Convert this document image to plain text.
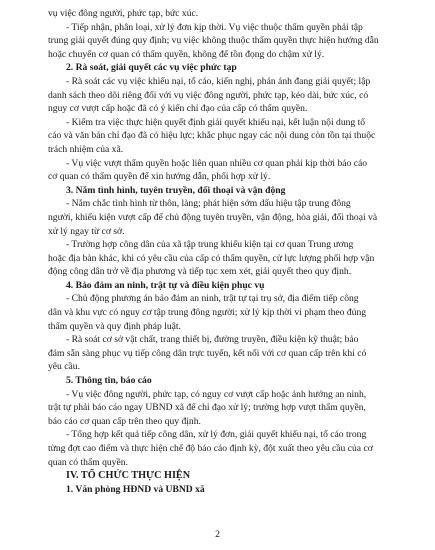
vụ việc đông người, phức tạp, bức xúc.
- Tiếp nhận, phân loại, xử lý đơn kịp thời. Vụ việc thuộc thẩm quyền phải tập
trung giải quyết đúng quy định; vụ việc không thuộc thẩm quyền thực hiện hướng dẫn
hoặc chuyển cơ quan có thẩm quyền, không để tồn đọng do chậm xử lý.
2. Rà soát, giải quyết các vụ việc phức tạp
- Rà soát các vụ việc khiếu nại, tố cáo, kiến nghị, phản ánh đang giải quyết; lập
danh sách theo dõi riêng đối với vụ việc đông người, phức tạp, kéo dài, bức xúc, có
nguy cơ vượt cấp hoặc đã có ý kiến chỉ đạo của cấp có thẩm quyền.
- Kiểm tra việc thực hiện quyết định giải quyết khiếu nại, kết luận nội dung tố
cáo và văn bản chỉ đạo đã có hiệu lực; khắc phục ngay các nội dung còn tồn tại thuộc
trách nhiệm của xã.
- Vụ việc vượt thẩm quyền hoặc liên quan nhiều cơ quan phải kịp thời báo cáo
cơ quan có thẩm quyền để xin hướng dẫn, phối hợp xử lý.
3. Nắm tình hình, tuyên truyền, đối thoại và vận động
- Nắm chắc tình hình từ thôn, làng; phát hiện sớm dấu hiệu tập trung đông
người, khiếu kiện vượt cấp để chủ động tuyên truyền, vận động, hòa giải, đối thoại và
xử lý ngay từ cơ sở.
- Trường hợp công dân của xã tập trung khiếu kiện tại cơ quan Trung ương
hoặc địa bàn khác, khi có yêu cầu của cấp có thẩm quyền, cử lực lượng phối hợp vận
động công dân trở về địa phương và tiếp tục xem xét, giải quyết theo quy định.
4. Bảo đảm an ninh, trật tự và điều kiện phục vụ
- Chủ động phương án bảo đảm an ninh, trật tự tại trụ sở, địa điểm tiếp công
dân và khu vực có nguy cơ tập trung đông người; xử lý kịp thời vi phạm theo đúng
thẩm quyền và quy định pháp luật.
- Rà soát cơ sở vật chất, trang thiết bị, đường truyền, điều kiện kỹ thuật; bảo
đảm sẵn sàng phục vụ tiếp công dân trực tuyến, kết nối với cơ quan cấp trên khi có
yêu cầu.
5. Thông tin, báo cáo
- Vụ việc đông người, phức tạp, có nguy cơ vượt cấp hoặc ảnh hưởng an ninh,
trật tự phải báo cáo ngay UBND xã để chỉ đạo xử lý; trường hợp vượt thẩm quyền,
báo cáo cơ quan cấp trên theo quy định.
- Tổng hợp kết quả tiếp công dân, xử lý đơn, giải quyết khiếu nại, tố cáo trong
từng đợt cao điểm và thực hiện chế độ báo cáo định kỳ, đột xuất theo yêu cầu của cơ
quan có thẩm quyền.
IV. TỔ CHỨC THỰC HIỆN
1. Văn phòng HĐND và UBND xã
2
